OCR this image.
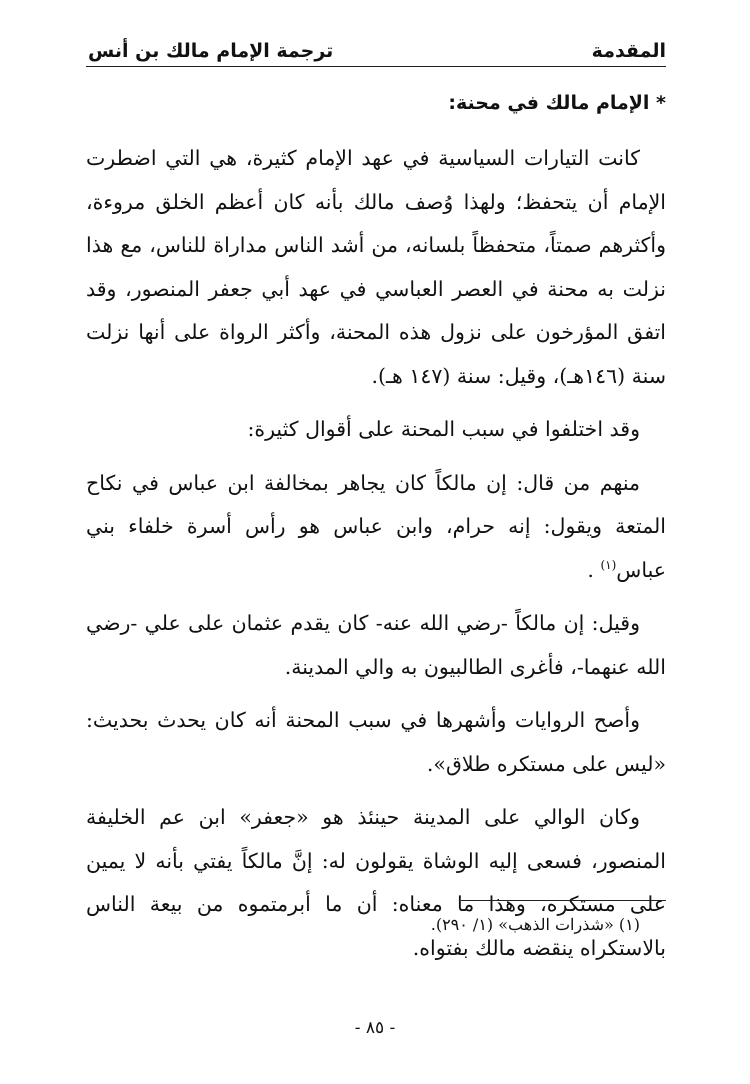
المقدمة
ترجمة الإمام مالك بن أنس
* الإمام مالك في محنة:

كانت التيارات السياسية في عهد الإمام كثيرة، هي التي اضطرت الإمام أن يتحفظ؛ ولهذا وُصف مالك بأنه كان أعظم الخلق مروءة، وأكثرهم صمتاً، متحفظاً بلسانه، من أشد الناس مداراة للناس، مع هذا نزلت به محنة في العصر العباسي في عهد أبي جعفر المنصور، وقد اتفق المؤرخون على نزول هذه المحنة، وأكثر الرواة على أنها نزلت سنة (١٤٦هـ)، وقيل: سنة (١٤٧ هـ).

وقد اختلفوا في سبب المحنة على أقوال كثيرة:

منهم من قال: إن مالكاً كان يجاهر بمخالفة ابن عباس في نكاح المتعة ويقول: إنه حرام، وابن عباس هو رأس أسرة خلفاء بني عباس$^{(١)}$ .

وقيل: إن مالكاً -رضي الله عنه- كان يقدم عثمان على علي -رضي الله عنهما-، فأغرى الطالبيون به والي المدينة.

وأصح الروايات وأشهرها في سبب المحنة أنه كان يحدث بحديث: «ليس على مستكره طلاق».

وكان الوالي على المدينة حينئذ هو «جعفر» ابن عم الخليفة المنصور، فسعى إليه الوشاة يقولون له: إنَّ مالكاً يفتي بأنه لا يمين على مستكره، وهذا ما معناه: أن ما أبرمتموه من بيعة الناس بالاستكراه ينقضه مالك بفتواه.

(١) «شذرات الذهب» (١/ ٢٩٠).
- ٨٥ -
